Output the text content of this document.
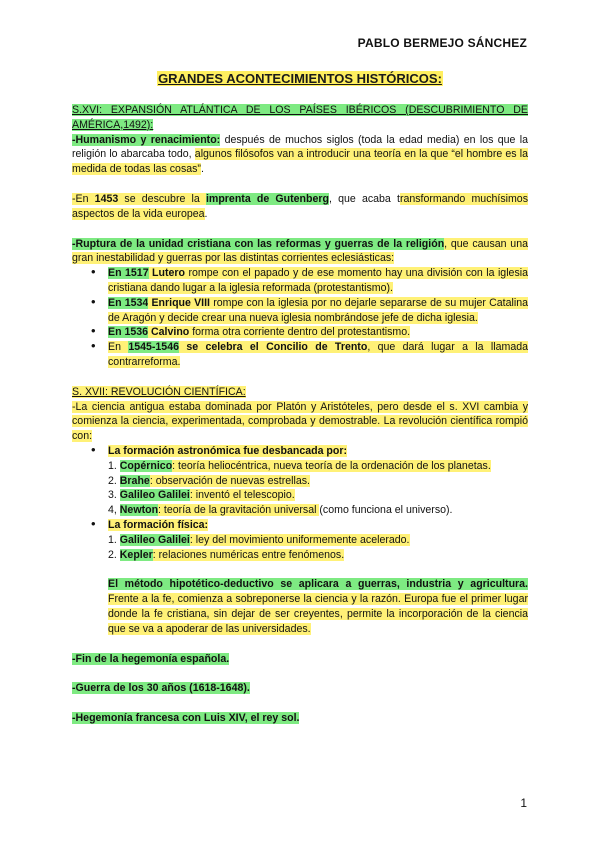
PABLO BERMEJO SÁNCHEZ
GRANDES ACONTECIMIENTOS HISTÓRICOS:

S.XVI: EXPANSIÓN ATLÁNTICA DE LOS PAÍSES IBÉRICOS (DESCUBRIMIENTO DE AMÉRICA,1492):

-Humanismo y renacimiento: después de muchos siglos (toda la edad media) en los que la religión lo abarcaba todo, algunos filósofos van a introducir una teoría en la que “el hombre es la medida de todas las cosas”.

-En 1453 se descubre la imprenta de Gutenberg, que acaba transformando muchísimos aspectos de la vida europea.

-Ruptura de la unidad cristiana con las reformas y guerras de la religión, que causan una gran inestabilidad y guerras por las distintas corrientes eclesiásticas:

• En 1517 Lutero rompe con el papado y de ese momento hay una división con la iglesia cristiana dando lugar a la iglesia reformada (protestantismo).
• En 1534 Enrique VIII rompe con la iglesia por no dejarle separarse de su mujer Catalina de Aragón y decide crear una nueva iglesia nombrándose jefe de dicha iglesia.
• En 1536 Calvino forma otra corriente dentro del protestantismo.
• En 1545-1546 se celebra el Concilio de Trento, que dará lugar a la llamada contrarreforma.

S. XVII: REVOLUCIÓN CIENTÍFICA:

-La ciencia antigua estaba dominada por Platón y Aristóteles, pero desde el s. XVI cambia y comienza la ciencia, experimentada, comprobada y demostrable. La revolución científica rompió con:

• La formación astronómica fue desbancada por:
1. Copérnico: teoría heliocéntrica, nueva teoría de la ordenación de los planetas.
2. Brahe: observación de nuevas estrellas.
3. Galileo Galilei: inventó el telescopio.
4, Newton: teoría de la gravitación universal (como funciona el universo).
• La formación física:
1. Galileo Galilei: ley del movimiento uniformemente acelerado.
2. Kepler: relaciones numéricas entre fenómenos.

El método hipotético-deductivo se aplicara a guerras, industria y agricultura. Frente a la fe, comienza a sobreponerse la ciencia y la razón. Europa fue el primer lugar donde la fe cristiana, sin dejar de ser creyentes, permite la incorporación de la ciencia que se va a apoderar de las universidades.

-Fin de la hegemonía española.

-Guerra de los 30 años (1618-1648).

-Hegemonía francesa con Luis XIV, el rey sol.

1
